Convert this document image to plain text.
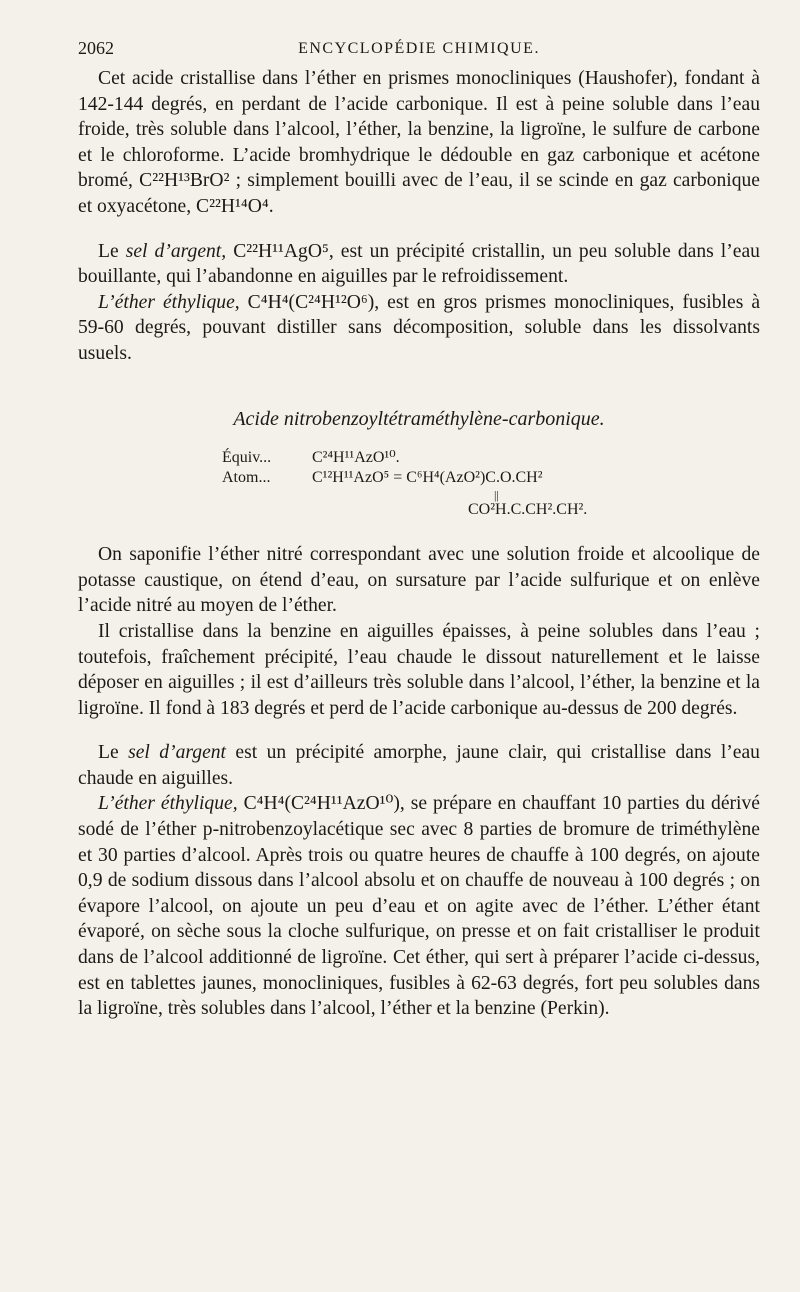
2062	ENCYCLOPÉDIE CHIMIQUE.

Cet acide cristallise dans l’éther en prismes monocliniques (Haushofer), fondant à 142-144 degrés, en perdant de l’acide carbonique. Il est à peine soluble dans l’eau froide, très soluble dans l’alcool, l’éther, la benzine, la ligroïne, le sulfure de carbone et le chloroforme. L’acide bromhydrique le dédouble en gaz carbonique et acétone bromé, C²²H¹³BrO² ; simplement bouilli avec de l’eau, il se scinde en gaz carbonique et oxyacétone, C²²H¹⁴O⁴.

Le sel d’argent, C²²H¹¹AgO⁵, est un précipité cristallin, un peu soluble dans l’eau bouillante, qui l’abandonne en aiguilles par le refroidissement.

L’éther éthylique, C⁴H⁴(C²⁴H¹²O⁶), est en gros prismes monocliniques, fusibles à 59-60 degrés, pouvant distiller sans décomposition, soluble dans les dissolvants usuels.

Acide nitrobenzoyltétraméthylène-carbonique.
Équiv...	C²⁴H¹¹AzO¹⁰.
Atom...	C¹²H¹¹AzO⁵ = C⁶H⁴(AzO²)C.O.CH²
||
CO²H.C.CH².CH².

On saponifie l’éther nitré correspondant avec une solution froide et alcoolique de potasse caustique, on étend d’eau, on sursature par l’acide sulfurique et on enlève l’acide nitré au moyen de l’éther.

Il cristallise dans la benzine en aiguilles épaisses, à peine solubles dans l’eau ; toutefois, fraîchement précipité, l’eau chaude le dissout naturellement et le laisse déposer en aiguilles ; il est d’ailleurs très soluble dans l’alcool, l’éther, la benzine et la ligroïne. Il fond à 183 degrés et perd de l’acide carbonique au-dessus de 200 degrés.

Le sel d’argent est un précipité amorphe, jaune clair, qui cristallise dans l’eau chaude en aiguilles.

L’éther éthylique, C⁴H⁴(C²⁴H¹¹AzO¹⁰), se prépare en chauffant 10 parties du dérivé sodé de l’éther p-nitrobenzoylacétique sec avec 8 parties de bromure de triméthylène et 30 parties d’alcool. Après trois ou quatre heures de chauffe à 100 degrés, on ajoute 0,9 de sodium dissous dans l’alcool absolu et on chauffe de nouveau à 100 degrés ; on évapore l’alcool, on ajoute un peu d’eau et on agite avec de l’éther. L’éther étant évaporé, on sèche sous la cloche sulfurique, on presse et on fait cristalliser le produit dans de l’alcool additionné de ligroïne. Cet éther, qui sert à préparer l’acide ci-dessus, est en tablettes jaunes, monocliniques, fusibles à 62-63 degrés, fort peu solubles dans la ligroïne, très solubles dans l’alcool, l’éther et la benzine (Perkin).
